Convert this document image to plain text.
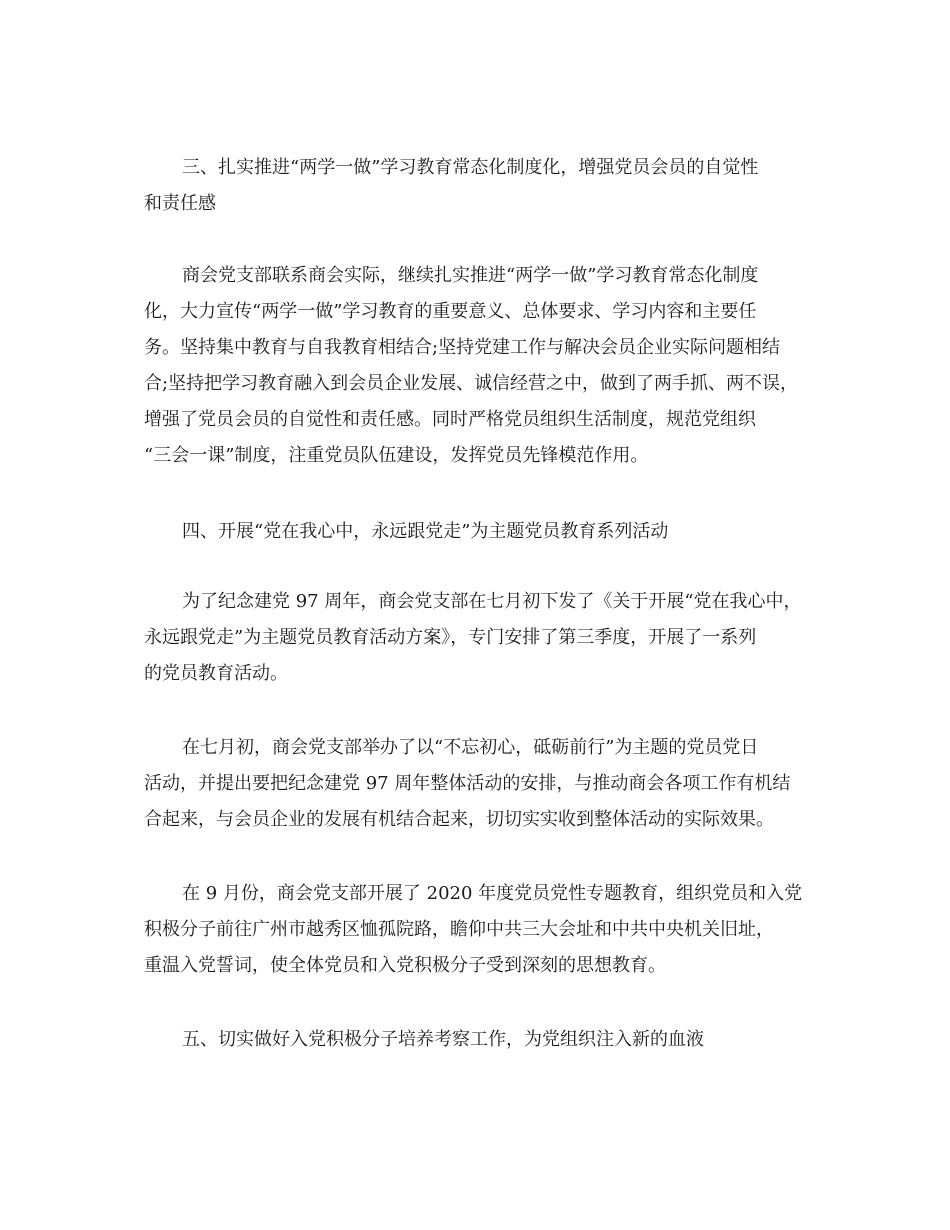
三、扎实推进“两学一做”学习教育常态化制度化，增强党员会员的自觉性
和责任感
商会党支部联系商会实际，继续扎实推进“两学一做”学习教育常态化制度
化，大力宣传“两学一做”学习教育的重要意义、总体要求、学习内容和主要任
务。坚持集中教育与自我教育相结合;坚持党建工作与解决会员企业实际问题相结
合;坚持把学习教育融入到会员企业发展、诚信经营之中，做到了两手抓、两不误，
增强了党员会员的自觉性和责任感。同时严格党员组织生活制度，规范党组织
“三会一课”制度，注重党员队伍建设，发挥党员先锋模范作用。
四、开展“党在我心中，永远跟党走”为主题党员教育系列活动
为了纪念建党 97 周年，商会党支部在七月初下发了《关于开展“党在我心中，
永远跟党走”为主题党员教育活动方案》，专门安排了第三季度，开展了一系列
的党员教育活动。
在七月初，商会党支部举办了以“不忘初心，砥砺前行”为主题的党员党日
活动，并提出要把纪念建党 97 周年整体活动的安排，与推动商会各项工作有机结
合起来，与会员企业的发展有机结合起来，切切实实收到整体活动的实际效果。
在 9 月份，商会党支部开展了 2020 年度党员党性专题教育，组织党员和入党
积极分子前往广州市越秀区恤孤院路，瞻仰中共三大会址和中共中央机关旧址，
重温入党誓词，使全体党员和入党积极分子受到深刻的思想教育。
五、切实做好入党积极分子培养考察工作，为党组织注入新的血液
